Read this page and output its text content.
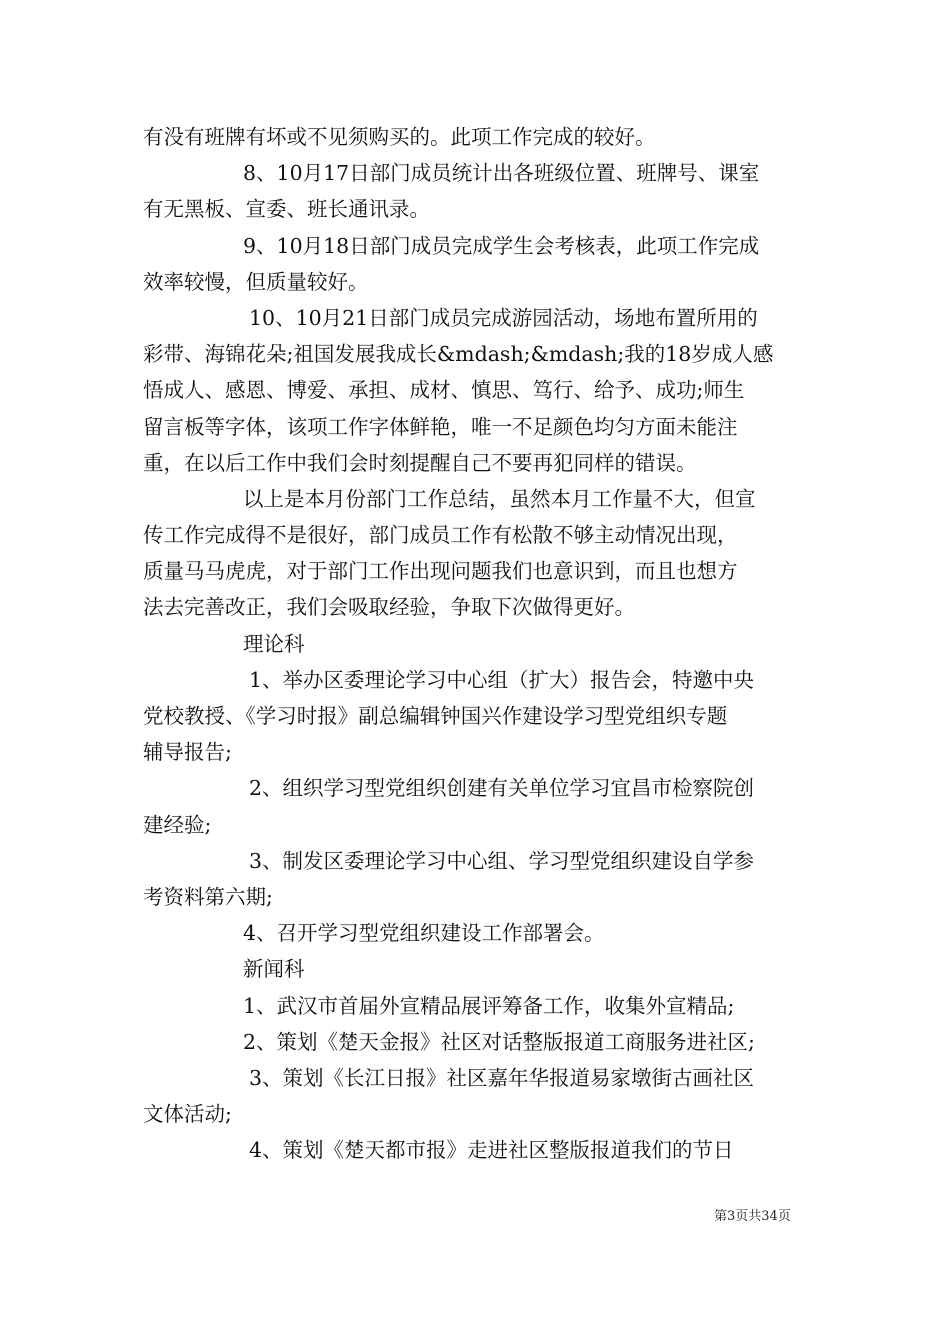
有没有班牌有坏或不见须购买的。此项工作完成的较好。
8、10月17日部门成员统计出各班级位置、班牌号、课室
有无黑板、宣委、班长通讯录。
9、10月18日部门成员完成学生会考核表，此项工作完成
效率较慢，但质量较好。
10、10月21日部门成员完成游园活动，场地布置所用的
彩带、海锦花朵;祖国发展我成长&mdash;&mdash;我的18岁成人感
悟成人、感恩、博爱、承担、成材、慎思、笃行、给予、成功;师生
留言板等字体，该项工作字体鲜艳，唯一不足颜色均匀方面未能注
重，在以后工作中我们会时刻提醒自己不要再犯同样的错误。
以上是本月份部门工作总结，虽然本月工作量不大，但宣
传工作完成得不是很好，部门成员工作有松散不够主动情况出现，
质量马马虎虎，对于部门工作出现问题我们也意识到，而且也想方
法去完善改正，我们会吸取经验，争取下次做得更好。
理论科
1、举办区委理论学习中心组（扩大）报告会，特邀中央
党校教授、《学习时报》副总编辑钟国兴作建设学习型党组织专题
辅导报告;
2、组织学习型党组织创建有关单位学习宜昌市检察院创
建经验;
3、制发区委理论学习中心组、学习型党组织建设自学参
考资料第六期;
4、召开学习型党组织建设工作部署会。
新闻科
1、武汉市首届外宣精品展评筹备工作，收集外宣精品;
2、策划《楚天金报》社区对话整版报道工商服务进社区;
3、策划《长江日报》社区嘉年华报道易家墩街古画社区
文体活动;
4、策划《楚天都市报》走进社区整版报道我们的节日
第3页共34页
